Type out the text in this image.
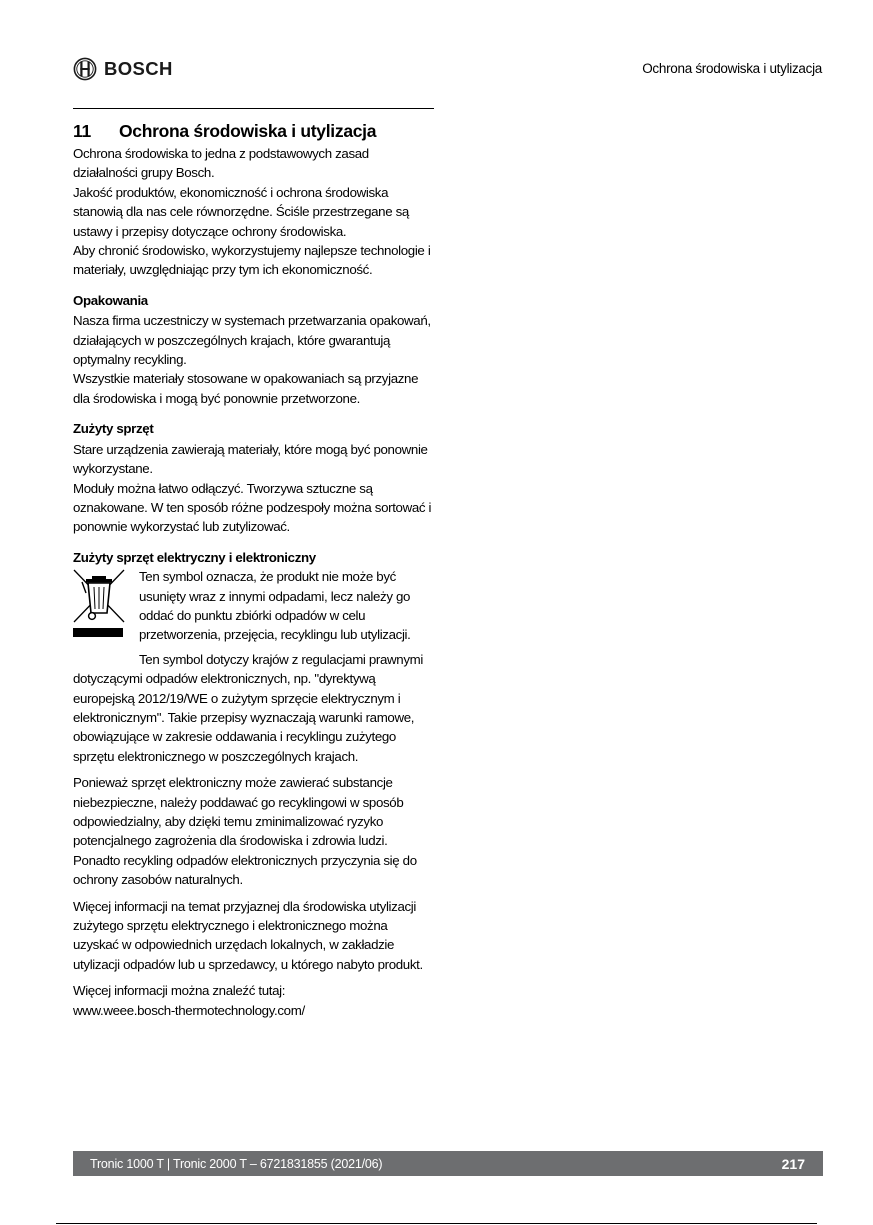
BOSCH	Ochrona środowiska i utylizacja
11	Ochrona środowiska i utylizacja

Ochrona środowiska to jedna z podstawowych zasad działalności grupy Bosch.

Jakość produktów, ekonomiczność i ochrona środowiska stanowią dla nas cele równorzędne. Ściśle przestrzegane są ustawy i przepisy dotyczące ochrony środowiska.

Aby chronić środowisko, wykorzystujemy najlepsze technologie i materiały, uwzględniając przy tym ich ekonomiczność.

Opakowania

Nasza firma uczestniczy w systemach przetwarzania opakowań, działających w poszczególnych krajach, które gwarantują optymalny recykling.

Wszystkie materiały stosowane w opakowaniach są przyjazne dla środowiska i mogą być ponownie przetworzone.

Zużyty sprzęt

Stare urządzenia zawierają materiały, które mogą być ponownie wykorzystane.

Moduły można łatwo odłączyć. Tworzywa sztuczne są oznakowane. W ten sposób różne podzespoły można sortować i ponownie wykorzystać lub zutylizować.

Zużyty sprzęt elektryczny i elektroniczny

Ten symbol oznacza, że produkt nie może być usunięty wraz z innymi odpadami, lecz należy go oddać do punktu zbiórki odpadów w celu przetworzenia, przejęcia, recyklingu lub utylizacji.

Ten symbol dotyczy krajów z regulacjami prawnymi dotyczącymi odpadów elektronicznych, np. "dyrektywą europejską 2012/19/WE o zużytym sprzęcie elektrycznym i elektronicznym". Takie przepisy wyznaczają warunki ramowe, obowiązujące w zakresie oddawania i recyklingu zużytego sprzętu elektronicznego w poszczególnych krajach.

Ponieważ sprzęt elektroniczny może zawierać substancje niebezpieczne, należy poddawać go recyklingowi w sposób odpowiedzialny, aby dzięki temu zminimalizować ryzyko potencjalnego zagrożenia dla środowiska i zdrowia ludzi. Ponadto recykling odpadów elektronicznych przyczynia się do ochrony zasobów naturalnych.

Więcej informacji na temat przyjaznej dla środowiska utylizacji zużytego sprzętu elektrycznego i elektronicznego można uzyskać w odpowiednich urzędach lokalnych, w zakładzie utylizacji odpadów lub u sprzedawcy, u którego nabyto produkt.

Więcej informacji można znaleźć tutaj:

www.weee.bosch-thermotechnology.com/

Tronic 1000 T | Tronic 2000 T – 6721831855 (2021/06)	217
